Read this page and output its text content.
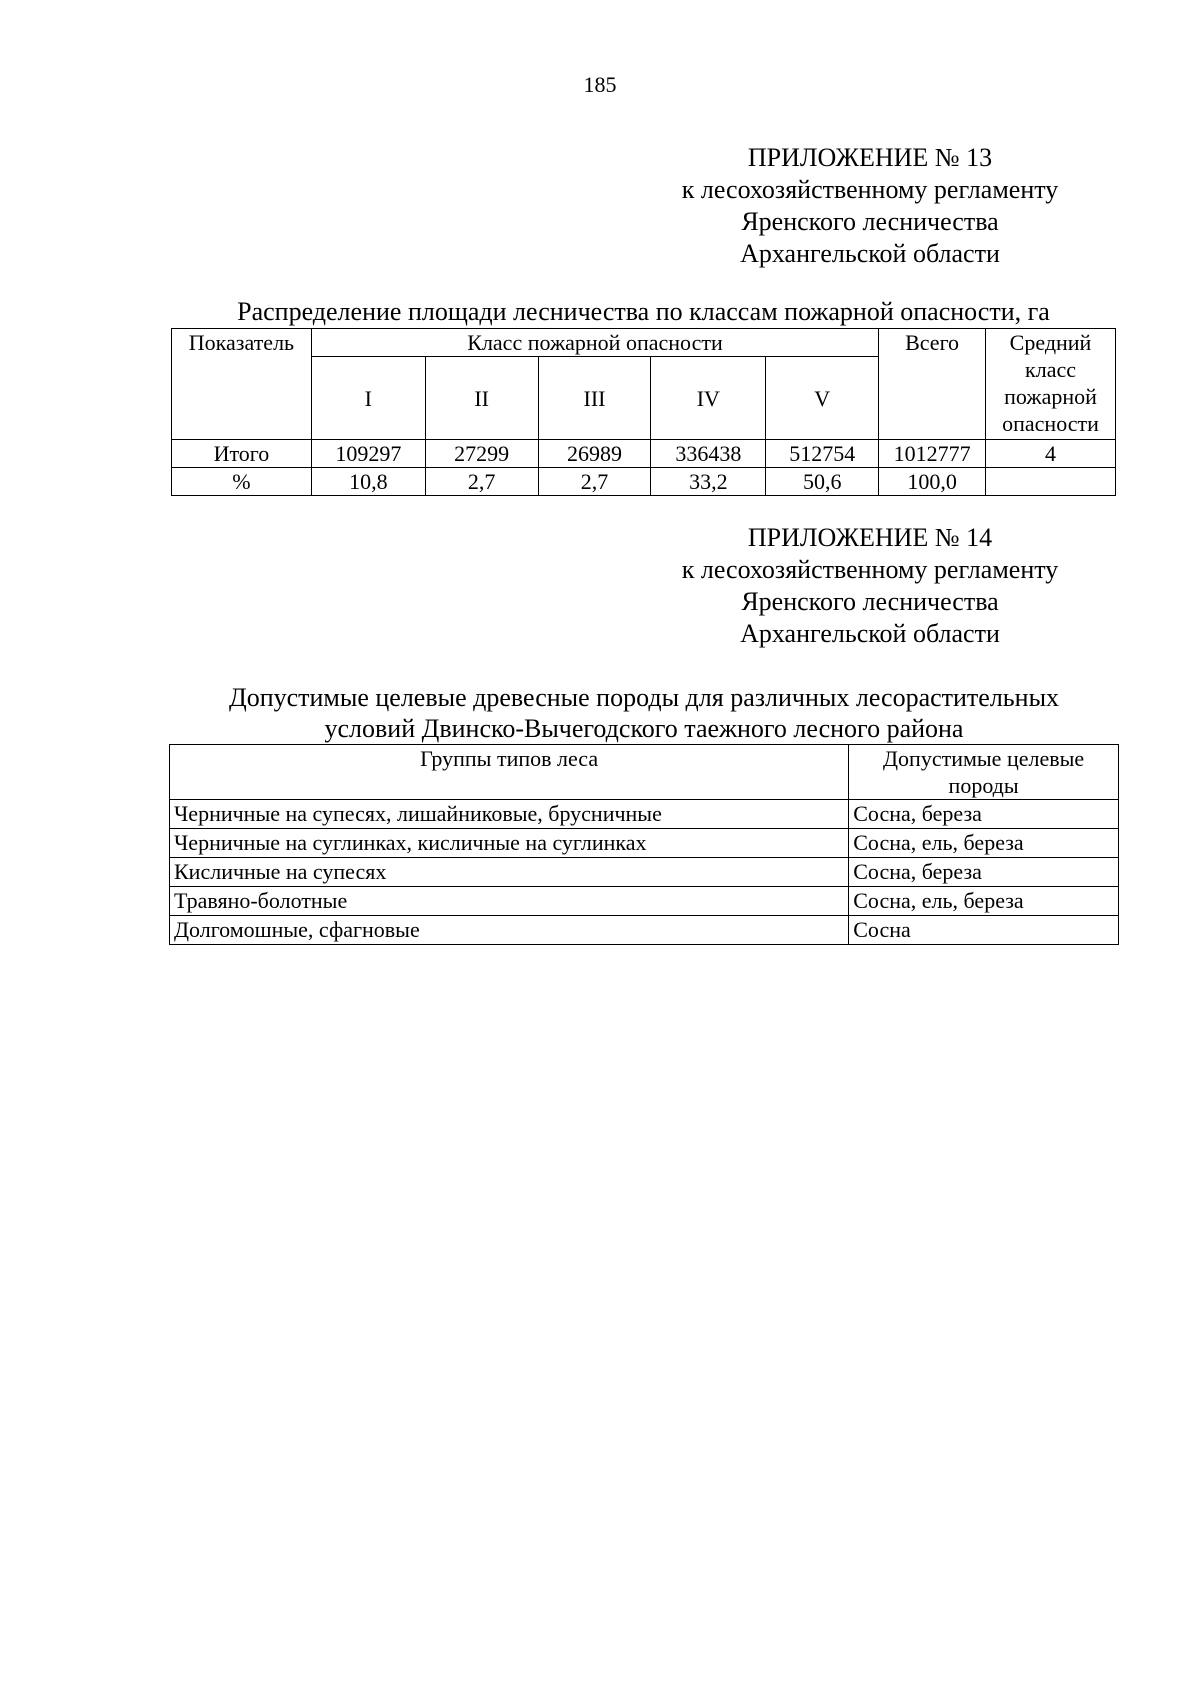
185
ПРИЛОЖЕНИЕ № 13
к лесохозяйственному регламенту
Яренского лесничества
Архангельской области
Распределение площади лесничества по классам пожарной опасности, га
Показатель	Класс пожарной опасности					Всего	Средний
класс
пожарной
опасности

	I	II	III	IV	V		
Итого	109297	27299	26989	336438	512754	1012777	4
%	10,8	2,7	2,7	33,2	50,6	100,0	
ПРИЛОЖЕНИЕ № 14
к лесохозяйственному регламенту
Яренского лесничества
Архангельской области
Допустимые целевые древесные породы для различных лесорастительных
условий Двинско-Вычегодского таежного лесного района
Группы типов леса	Допустимые целевые
породы

Черничные на супесях, лишайниковые, брусничные	Сосна, береза
Черничные на суглинках, кисличные на суглинках	Сосна, ель, береза
Кисличные на супесях	Сосна, береза
Травяно-болотные	Сосна, ель, береза
Долгомошные, сфагновые	Сосна
